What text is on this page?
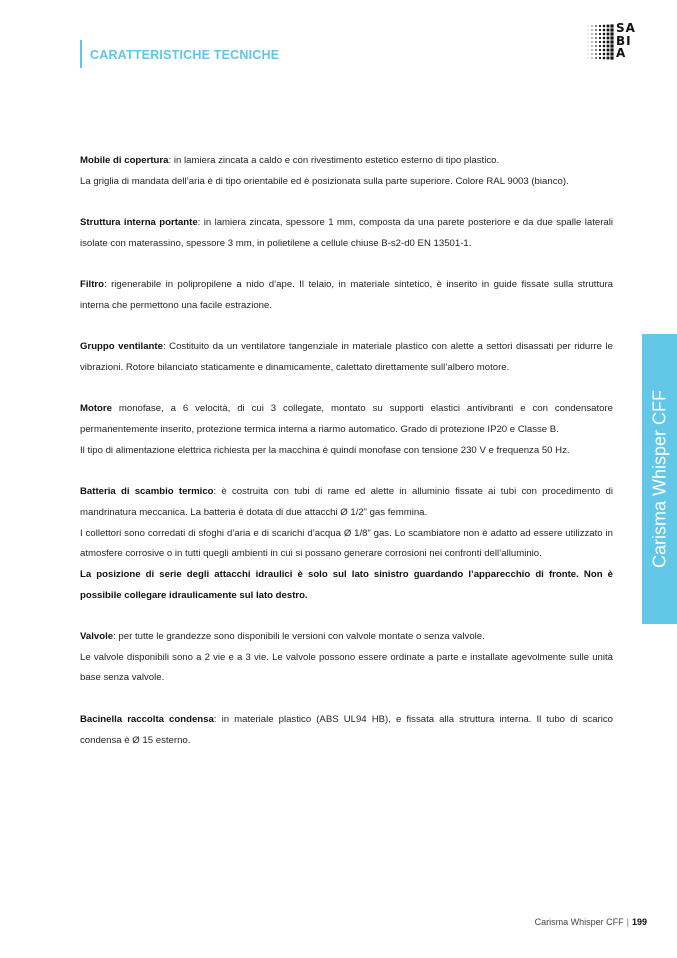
CARATTERISTICHE TECNICHE
SA
BI
A
Carisma Whisper CFF

Mobile di copertura: in lamiera zincata a caldo e con rivestimento estetico esterno di tipo plastico.
La griglia di mandata dell’aria è di tipo orientabile ed è posizionata sulla parte superiore. Colore RAL 9003 (bianco).

Struttura interna portante: in lamiera zincata, spessore 1 mm, composta da una parete posteriore e da due spalle laterali isolate con materassino, spessore 3 mm, in polietilene a cellule chiuse B-s2-d0 EN 13501-1.

Filtro: rigenerabile in polipropilene a nido d’ape. Il telaio, in materiale sintetico, è inserito in guide fissate sulla struttura interna che permettono una facile estrazione.

Gruppo ventilante: Costituito da un ventilatore tangenziale in materiale plastico con alette a settori disassati per ridurre le vibrazioni. Rotore bilanciato staticamente e dinamicamente, calettato direttamente sull’albero motore.

Motore monofase, a 6 velocità, di cui 3 collegate, montato su supporti elastici antivibranti e con condensatore permanentemente inserito, protezione termica interna a riarmo automatico. Grado di protezione IP20 e Classe B.
Il tipo di alimentazione elettrica richiesta per la macchina è quindi monofase con tensione 230 V e frequenza 50 Hz.

Batteria di scambio termico: è costruita con tubi di rame ed alette in alluminio fissate ai tubi con procedimento di mandrinatura meccanica. La batteria è dotata di due attacchi Ø 1/2” gas femmina.
I collettori sono corredati di sfoghi d’aria e di scarichi d’acqua Ø 1/8” gas. Lo scambiatore non è adatto ad essere utilizzato in atmosfere corrosive o in tutti quegli ambienti in cui si possano generare corrosioni nei confronti dell’alluminio.
La posizione di serie degli attacchi idraulici è solo sul lato sinistro guardando l’apparecchio di fronte. Non è possibile collegare idraulicamente sul lato destro.

Valvole: per tutte le grandezze sono disponibili le versioni con valvole montate o senza valvole.
Le valvole disponibili sono a 2 vie e a 3 vie. Le valvole possono essere ordinate a parte e installate agevolmente sulle unità base senza valvole.

Bacinella raccolta condensa: in materiale plastico (ABS UL94 HB), e fissata alla struttura interna. Il tubo di scarico condensa è Ø 15 esterno.

Carisma Whisper CFF | 199
